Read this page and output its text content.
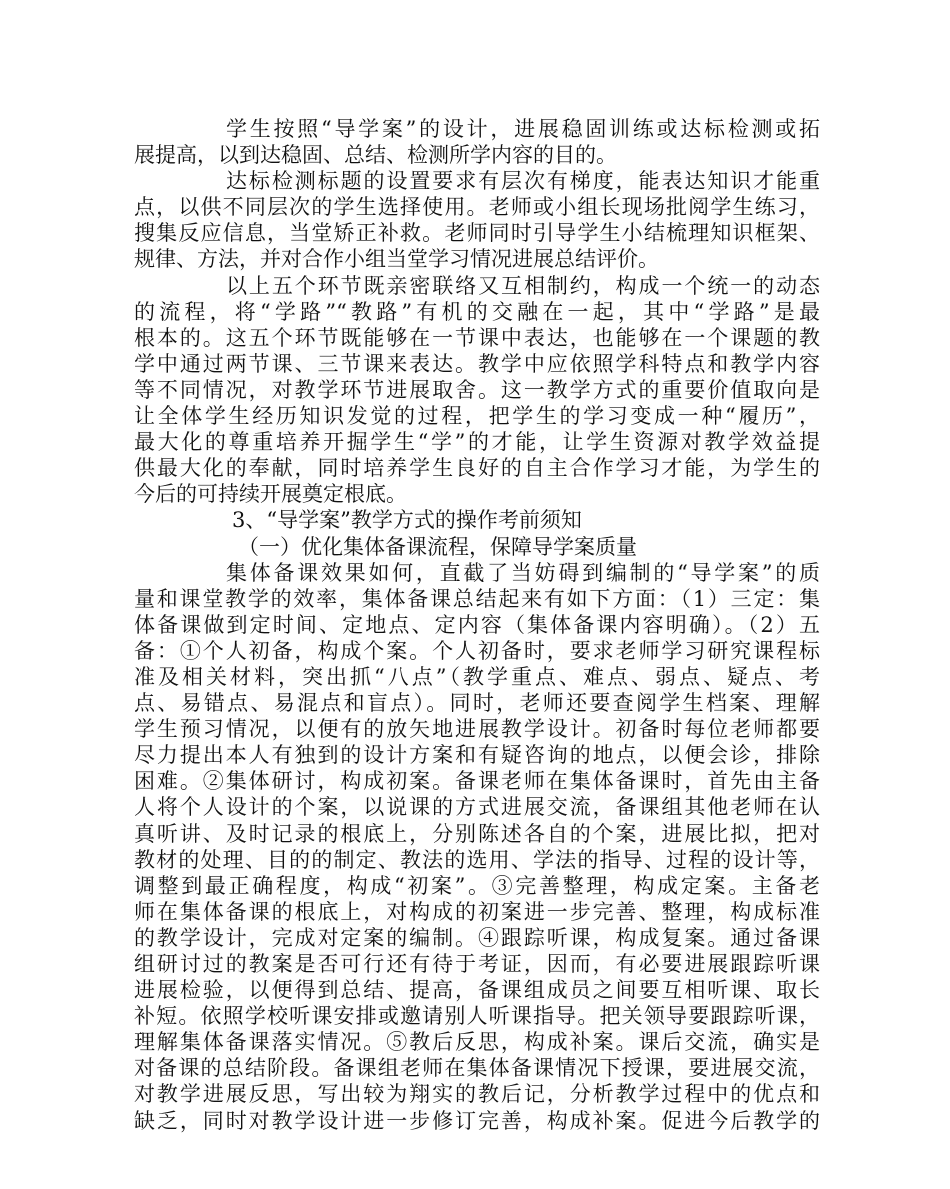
学生按照“导学案”的设计，进展稳固训练或达标检测或拓
展提高，以到达稳固、总结、检测所学内容的目的。
达标检测标题的设置要求有层次有梯度，能表达知识才能重
点，以供不同层次的学生选择使用。老师或小组长现场批阅学生练习，
搜集反应信息，当堂矫正补救。老师同时引导学生小结梳理知识框架、
规律、方法，并对合作小组当堂学习情况进展总结评价。
以上五个环节既亲密联络又互相制约，构成一个统一的动态
的流程，将“学路”“教路”有机的交融在一起，其中“学路”是最
根本的。这五个环节既能够在一节课中表达，也能够在一个课题的教
学中通过两节课、三节课来表达。教学中应依照学科特点和教学内容
等不同情况，对教学环节进展取舍。这一教学方式的重要价值取向是
让全体学生经历知识发觉的过程，把学生的学习变成一种“履历”，
最大化的尊重培养开掘学生“学”的才能，让学生资源对教学效益提
供最大化的奉献，同时培养学生良好的自主合作学习才能，为学生的
今后的可持续开展奠定根底。
3、“导学案”教学方式的操作考前须知
（一）优化集体备课流程，保障导学案质量
集体备课效果如何，直截了当妨碍到编制的“导学案”的质
量和课堂教学的效率，集体备课总结起来有如下方面：（1）三定：集
体备课做到定时间、定地点、定内容（集体备课内容明确）。（2）五
备：①个人初备，构成个案。个人初备时，要求老师学习研究课程标
准及相关材料，突出抓“八点”（教学重点、难点、弱点、疑点、考
点、易错点、易混点和盲点）。同时，老师还要查阅学生档案、理解
学生预习情况，以便有的放矢地进展教学设计。初备时每位老师都要
尽力提出本人有独到的设计方案和有疑咨询的地点，以便会诊，排除
困难。②集体研讨，构成初案。备课老师在集体备课时，首先由主备
人将个人设计的个案，以说课的方式进展交流，备课组其他老师在认
真听讲、及时记录的根底上，分别陈述各自的个案，进展比拟，把对
教材的处理、目的的制定、教法的选用、学法的指导、过程的设计等，
调整到最正确程度，构成“初案”。③完善整理，构成定案。主备老
师在集体备课的根底上，对构成的初案进一步完善、整理，构成标准
的教学设计，完成对定案的编制。④跟踪听课，构成复案。通过备课
组研讨过的教案是否可行还有待于考证，因而，有必要进展跟踪听课
进展检验，以便得到总结、提高，备课组成员之间要互相听课、取长
补短。依照学校听课安排或邀请别人听课指导。把关领导要跟踪听课，
理解集体备课落实情况。⑤教后反思，构成补案。课后交流，确实是
对备课的总结阶段。备课组老师在集体备课情况下授课，要进展交流，
对教学进展反思，写出较为翔实的教后记，分析教学过程中的优点和
缺乏，同时对教学设计进一步修订完善，构成补案。促进今后教学的
